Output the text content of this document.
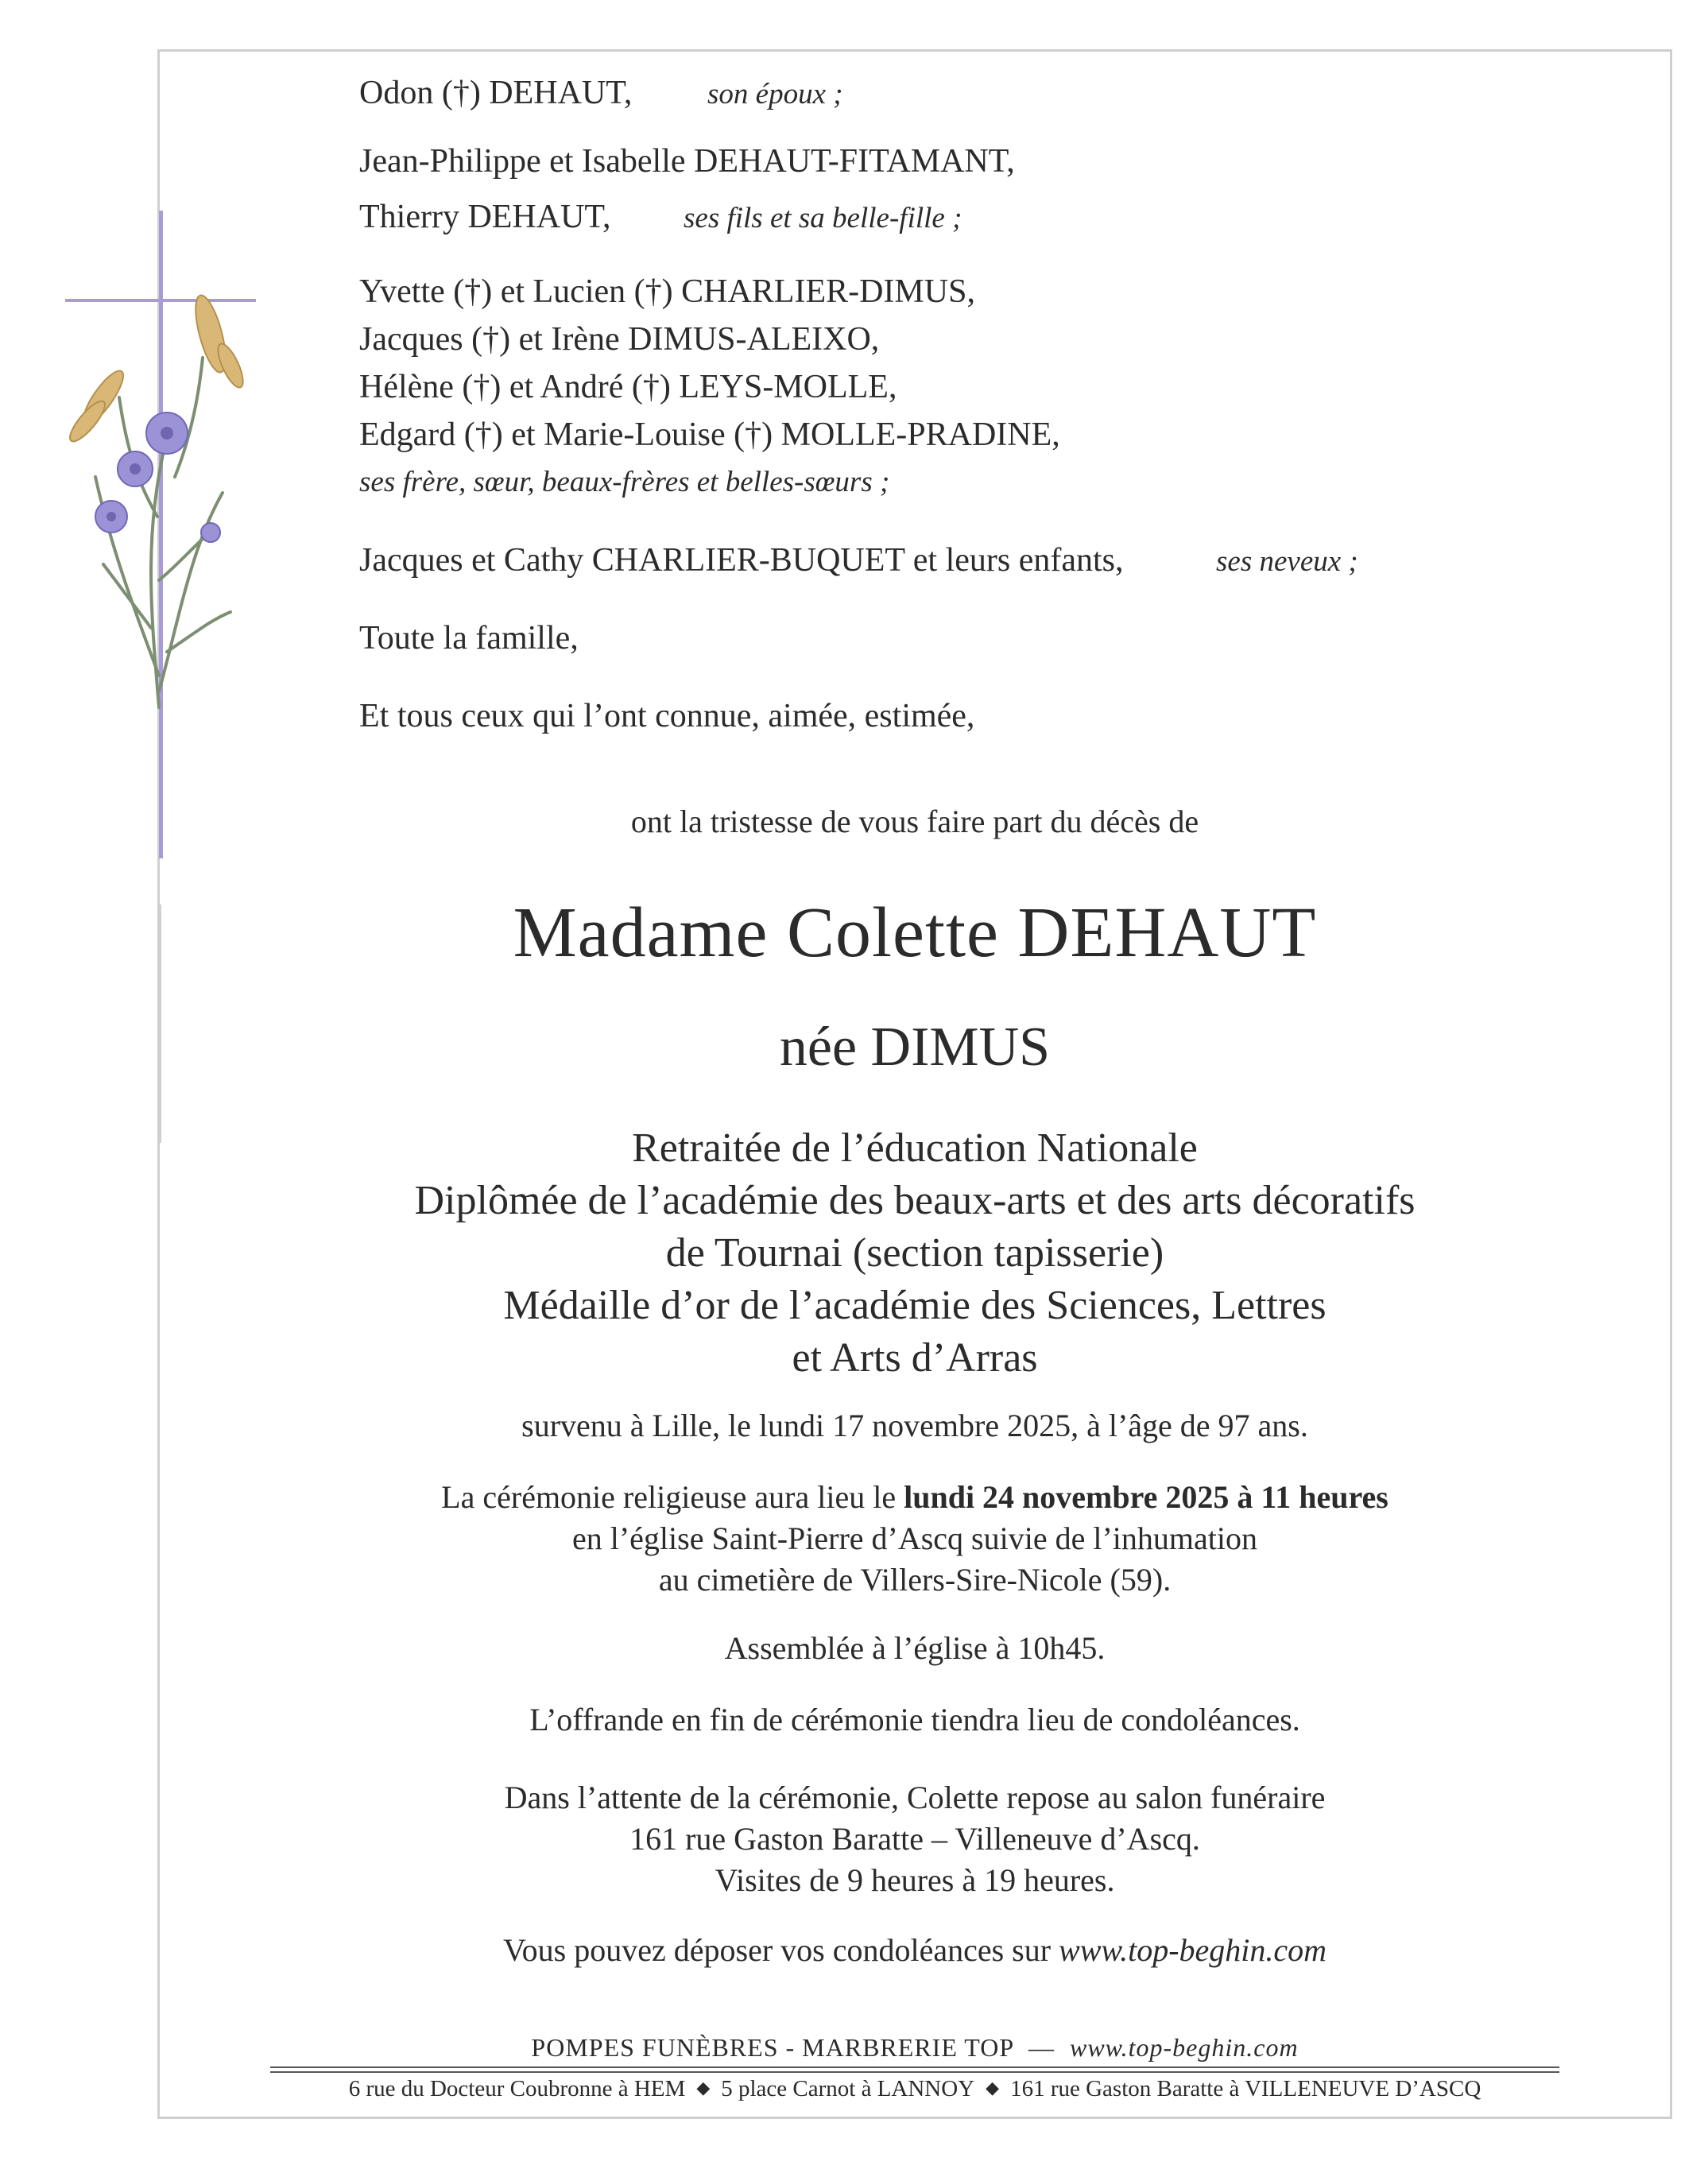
Odon (†) DEHAUT,	son époux ;
Jean-Philippe et Isabelle DEHAUT-FITAMANT,
Thierry DEHAUT, ses fils et sa belle-fille ;
Yvette (†) et Lucien (†) CHARLIER-DIMUS,
Jacques (†) et Irène DIMUS-ALEIXO,
Hélène (†) et André (†) LEYS-MOLLE,
Edgard (†) et Marie-Louise (†) MOLLE-PRADINE,
ses frère, sœur, beaux-frères et belles-sœurs ;
Jacques et Cathy CHARLIER-BUQUET et leurs enfants,	ses neveux ;
Toute la famille,
Et tous ceux qui l’ont connue, aimée, estimée,
ont la tristesse de vous faire part du décès de
Madame Colette DEHAUT
née DIMUS
Retraitée de l’éducation Nationale
Diplômée de l’académie des beaux-arts et des arts décoratifs
de Tournai (section tapisserie)
Médaille d’or de l’académie des Sciences, Lettres
et Arts d’Arras
survenu à Lille, le lundi 17 novembre 2025, à l’âge de 97 ans.
La cérémonie religieuse aura lieu le lundi 24 novembre 2025 à 11 heures
en l’église Saint-Pierre d’Ascq suivie de l’inhumation
au cimetière de Villers-Sire-Nicole (59).
Assemblée à l’église à 10h45.
L’offrande en fin de cérémonie tiendra lieu de condoléances.
Dans l’attente de la cérémonie, Colette repose au salon funéraire
161 rue Gaston Baratte – Villeneuve d’Ascq.
Visites de 9 heures à 19 heures.
Vous pouvez déposer vos condoléances sur www.top-beghin.com
POMPES FUNÈBRES - MARBRERIE TOP — www.top-beghin.com
6 rue du Docteur Coubronne à HEM ◆ 5 place Carnot à LANNOY ◆ 161 rue Gaston Baratte à VILLENEUVE D’ASCQ
